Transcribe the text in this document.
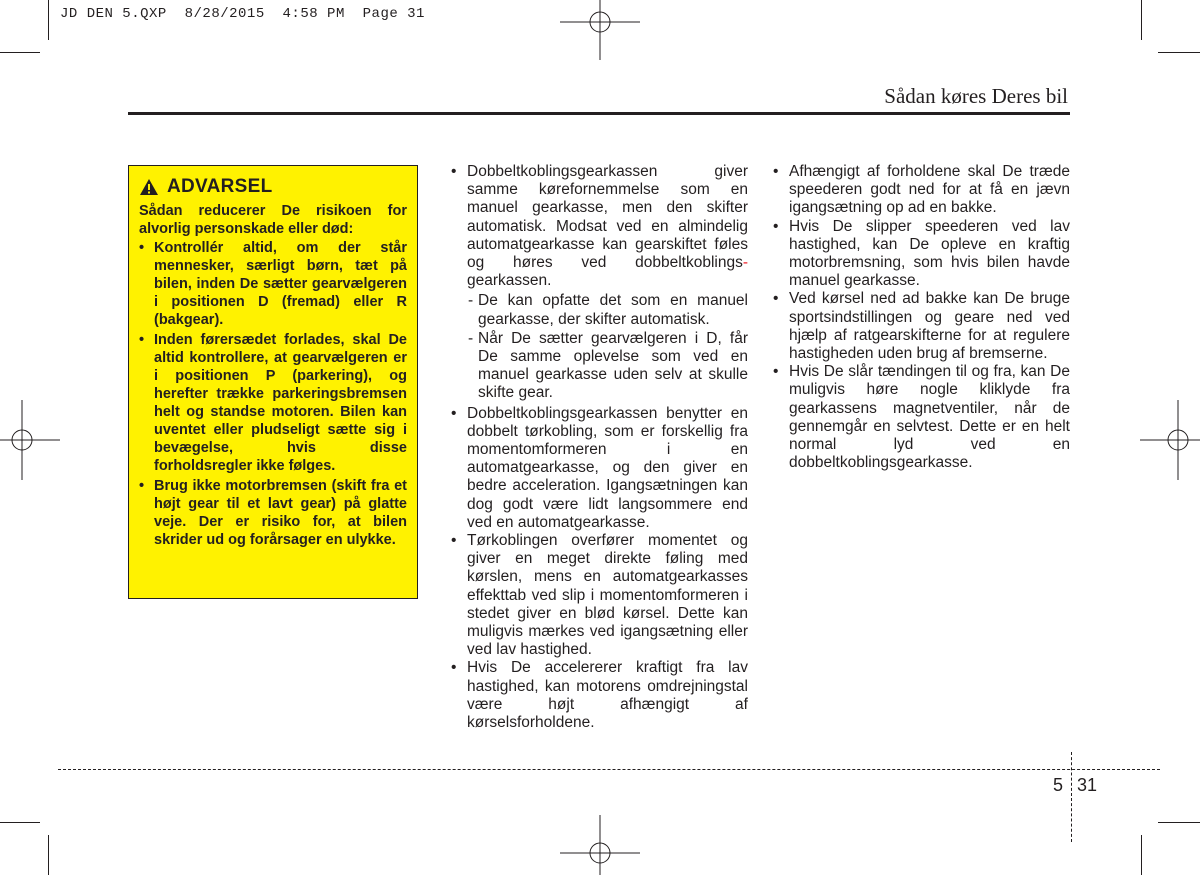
JD DEN 5.QXP  8/28/2015  4:58 PM  Page 31
Sådan køres Deres bil
ADVARSEL
Sådan reducerer De risikoen for alvorlig personskade eller død:
• Kontrollér altid, om der står mennesker, særligt børn, tæt på bilen, inden De sætter gearvælgeren i positionen D (fremad) eller R (bakgear).
• Inden førersædet forlades, skal De altid kontrollere, at gearvælgeren er i positionen P (parkering), og herefter trække parkeringsbremsen helt og standse motoren. Bilen kan uventet eller pludseligt sætte sig i bevægelse, hvis disse forholdsregler ikke følges.
• Brug ikke motorbremsen (skift fra et højt gear til et lavt gear) på glatte veje. Der er risiko for, at bilen skrider ud og forårsager en ulykke.
• Dobbeltkoblingsgearkassen giver samme kørefornemmelse som en manuel gearkasse, men den skifter automatisk. Modsat ved en almindelig automatgearkasse kan gearskiftet føles og høres ved dobbeltkoblings-gearkassen.
- De kan opfatte det som en manuel gearkasse, der skifter automatisk.
- Når De sætter gearvælgeren i D, får De samme oplevelse som ved en manuel gearkasse uden selv at skulle skifte gear.
• Dobbeltkoblingsgearkassen benytter en dobbelt tørkobling, som er forskellig fra momentomformeren i en automatgearkasse, og den giver en bedre acceleration. Igangsætningen kan dog godt være lidt langsommere end ved en automatgearkasse.
• Tørkoblingen overfører momentet og giver en meget direkte føling med kørslen, mens en automatgearkasses effekttab ved slip i momentomformeren i stedet giver en blød kørsel. Dette kan muligvis mærkes ved igangsætning eller ved lav hastighed.
• Hvis De accelererer kraftigt fra lav hastighed, kan motorens omdrejningstal være højt afhængigt af kørselsforholdene.
• Afhængigt af forholdene skal De træde speederen godt ned for at få en jævn igangsætning op ad en bakke.
• Hvis De slipper speederen ved lav hastighed, kan De opleve en kraftig motorbremsning, som hvis bilen havde manuel gearkasse.
• Ved kørsel ned ad bakke kan De bruge sportsindstillingen og geare ned ved hjælp af ratgearskifterne for at regulere hastigheden uden brug af bremserne.
• Hvis De slår tændingen til og fra, kan De muligvis høre nogle kliklyde fra gearkassens magnetventiler, når de gennemgår en selvtest. Dette er en helt normal lyd ved en dobbeltkoblingsgearkasse.
5 31
